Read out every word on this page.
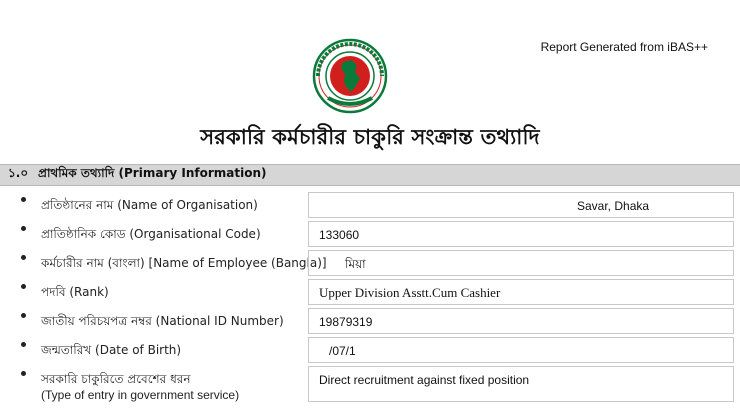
Report Generated from iBAS++
সরকারি কর্মচারীর চাকুরি সংক্রান্ত তথ্যাদি
১.০ প্রাথমিক তথ্যাদি (Primary Information)
প্রতিষ্ঠানের নাম (Name of Organisation)	Savar, Dhaka
প্রাতিষ্ঠানিক কোড (Organisational Code)	133060
কর্মচারীর নাম (বাংলা) [Name of Employee (Bangla)]	মিয়া
পদবি (Rank)	Upper Division Asstt.Cum Cashier
জাতীয় পরিচয়পত্র নম্বর (National ID Number)	19879319
জন্মতারিখ (Date of Birth)	/07/1
সরকারি চাকুরিতে প্রবেশের ধরন
(Type of entry in government service)
Direct recruitment against fixed position
